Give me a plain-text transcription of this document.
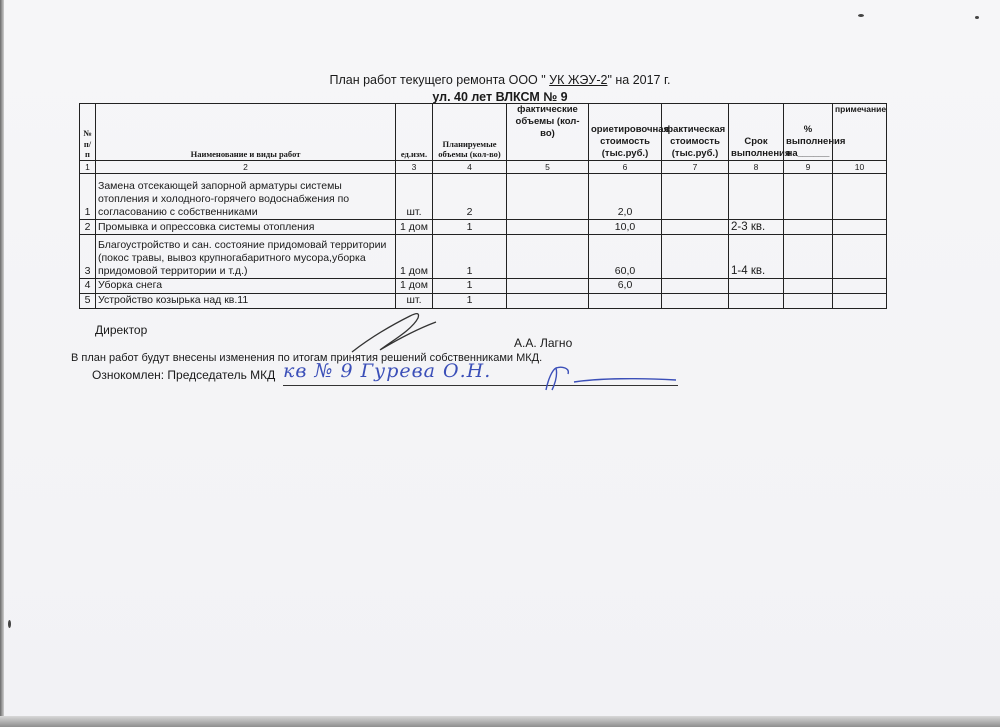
План работ текущего ремонта ООО " УК ЖЭУ-2" на 2017 г.
ул. 40 лет ВЛКСМ № 9
№ п/п	Наименование и виды работ	ед.изм.	Планируемые объемы (кол-во)	фактические объемы (кол-во)	ориетировочная стоимость (тыс.руб.)	фактическая стоимость (тыс.руб.)	Срок выполнения	% выполнения на______	примечание
1	2	3	4	5	6	7	8	9	10
1	Замена отсекающей запорной арматуры системы отопления и холодного-горячего водоснабжения по согласованию с собственниками	шт.	2		2,0				
2	Промывка и опрессовка системы отопления	1 дом	1		10,0		2-3 кв.		
3	Благоустройство и сан. состояние придомовай территории (покос травы, вывоз крупногабаритного мусора,уборка придомовой территории и т.д.)	1 дом	1		60,0		1-4 кв.		
4	Уборка снега	1 дом	1		6,0				
5	Устройство козырька над кв.11	шт.	1						
Директор
А.А. Лагно
В план работ будут внесены изменения по итогам принятия решений собственниками МКД.
Ознокомлен: Председатель МКД кв № 9 Гурева О.Н.
